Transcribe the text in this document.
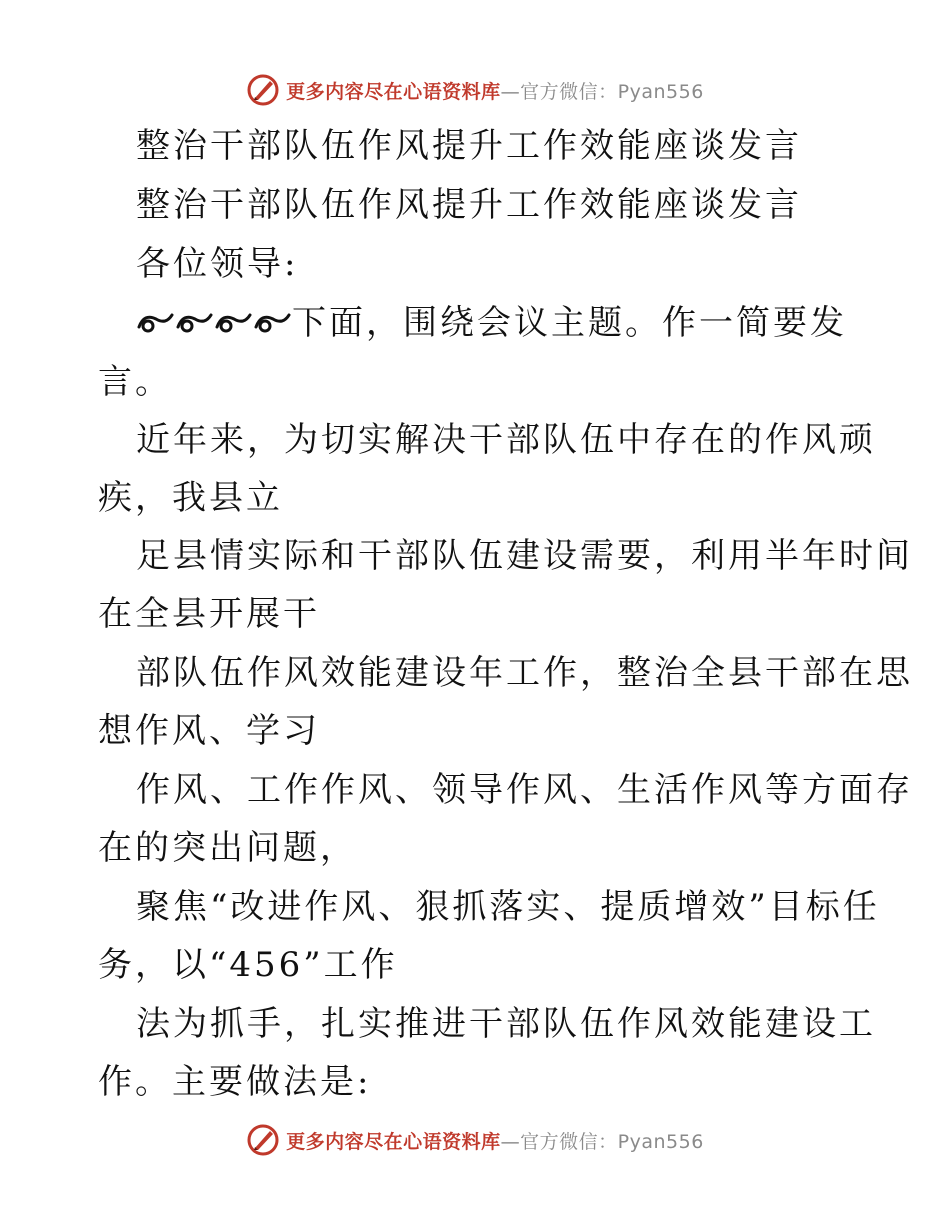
更多内容尽在心语资料库—官方微信：Pyan556
整治干部队伍作风提升工作效能座谈发言
整治干部队伍作风提升工作效能座谈发言
各位领导:
下面，围绕会议主题。作一简要发
言。
近年来，为切实解决干部队伍中存在的作风顽
疾，我县立
足县情实际和干部队伍建设需要，利用半年时间
在全县开展干
部队伍作风效能建设年工作，整治全县干部在思
想作风、学习
作风、工作作风、领导作风、生活作风等方面存
在的突出问题，
聚焦“改进作风、狠抓落实、提质增效”目标任
务，以“456”工作
法为抓手，扎实推进干部队伍作风效能建设工
作。主要做法是:
更多内容尽在心语资料库—官方微信：Pyan556
